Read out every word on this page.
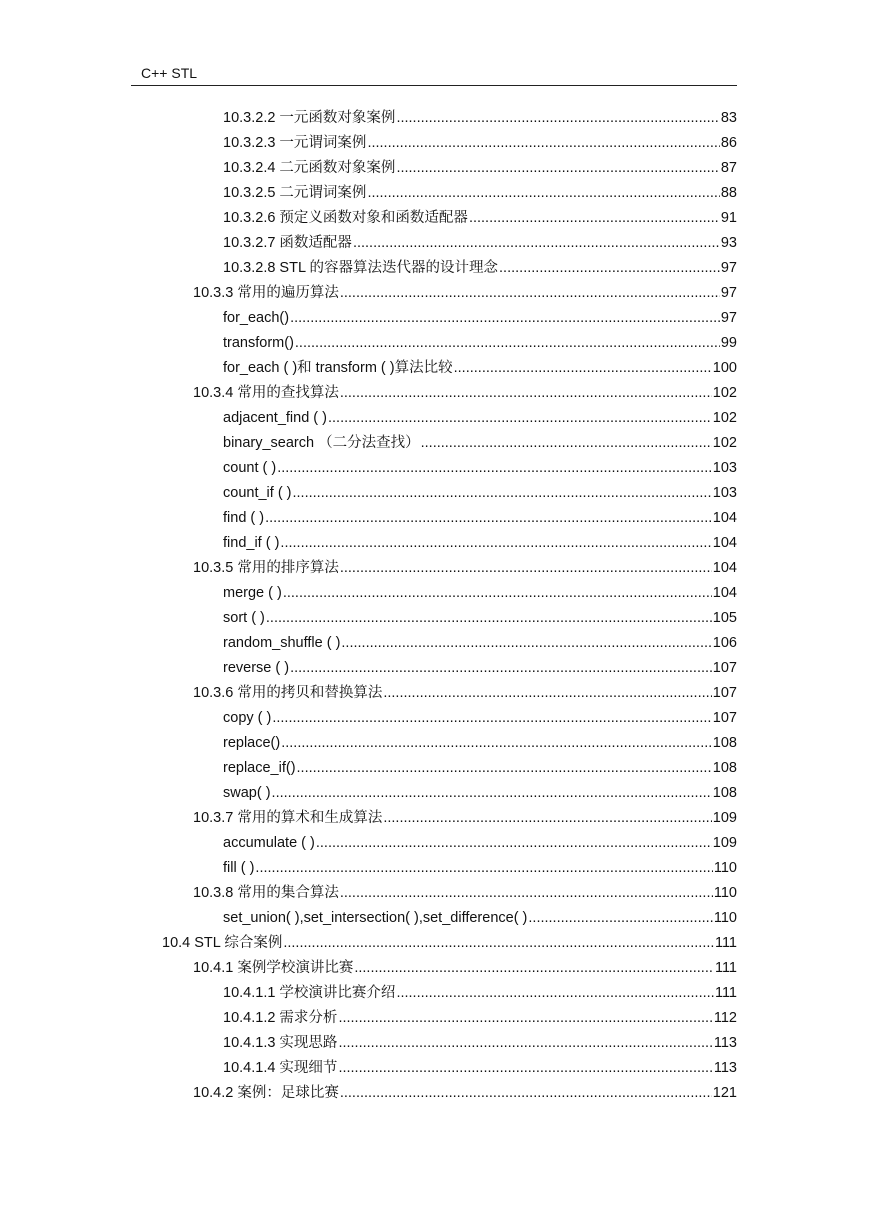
C++ STL
10.3.2.2 一元函数对象案例 .....	83
10.3.2.3 一元谓词案例 .....	86
10.3.2.4 二元函数对象案例 .....	87
10.3.2.5 二元谓词案例 .....	88
10.3.2.6 预定义函数对象和函数适配器 .....	91
10.3.2.7 函数适配器 .....	93
10.3.2.8 STL 的容器算法迭代器的设计理念 .....	97
10.3.3 常用的遍历算法 .....	97
for_each() .....	97
transform() .....	99
for_each ( )和 transform ( )算法比较 .....	100
10.3.4 常用的查找算法 .....	102
adjacent_find ( ) .....	102
binary_search （二分法查找） .....	102
count ( ) .....	103
count_if ( ) .....	103
find ( ) .....	104
find_if ( ) .....	104
10.3.5 常用的排序算法 .....	104
merge ( ) .....	104
sort ( ) .....	105
random_shuffle ( ) .....	106
reverse ( ) .....	107
10.3.6 常用的拷贝和替换算法 .....	107
copy ( ) .....	107
replace() .....	108
replace_if() .....	108
swap( ) .....	108
10.3.7 常用的算术和生成算法 .....	109
accumulate ( ) .....	109
fill ( ) .....	110
10.3.8 常用的集合算法 .....	110
set_union( ),set_intersection( ),set_difference( ) .....	110
10.4 STL 综合案例 .....	111
10.4.1 案例学校演讲比赛 .....	111
10.4.1.1 学校演讲比赛介绍 .....	111
10.4.1.2 需求分析 .....	112
10.4.1.3 实现思路 .....	113
10.4.1.4 实现细节 .....	113
10.4.2 案例：足球比赛 .....	121
